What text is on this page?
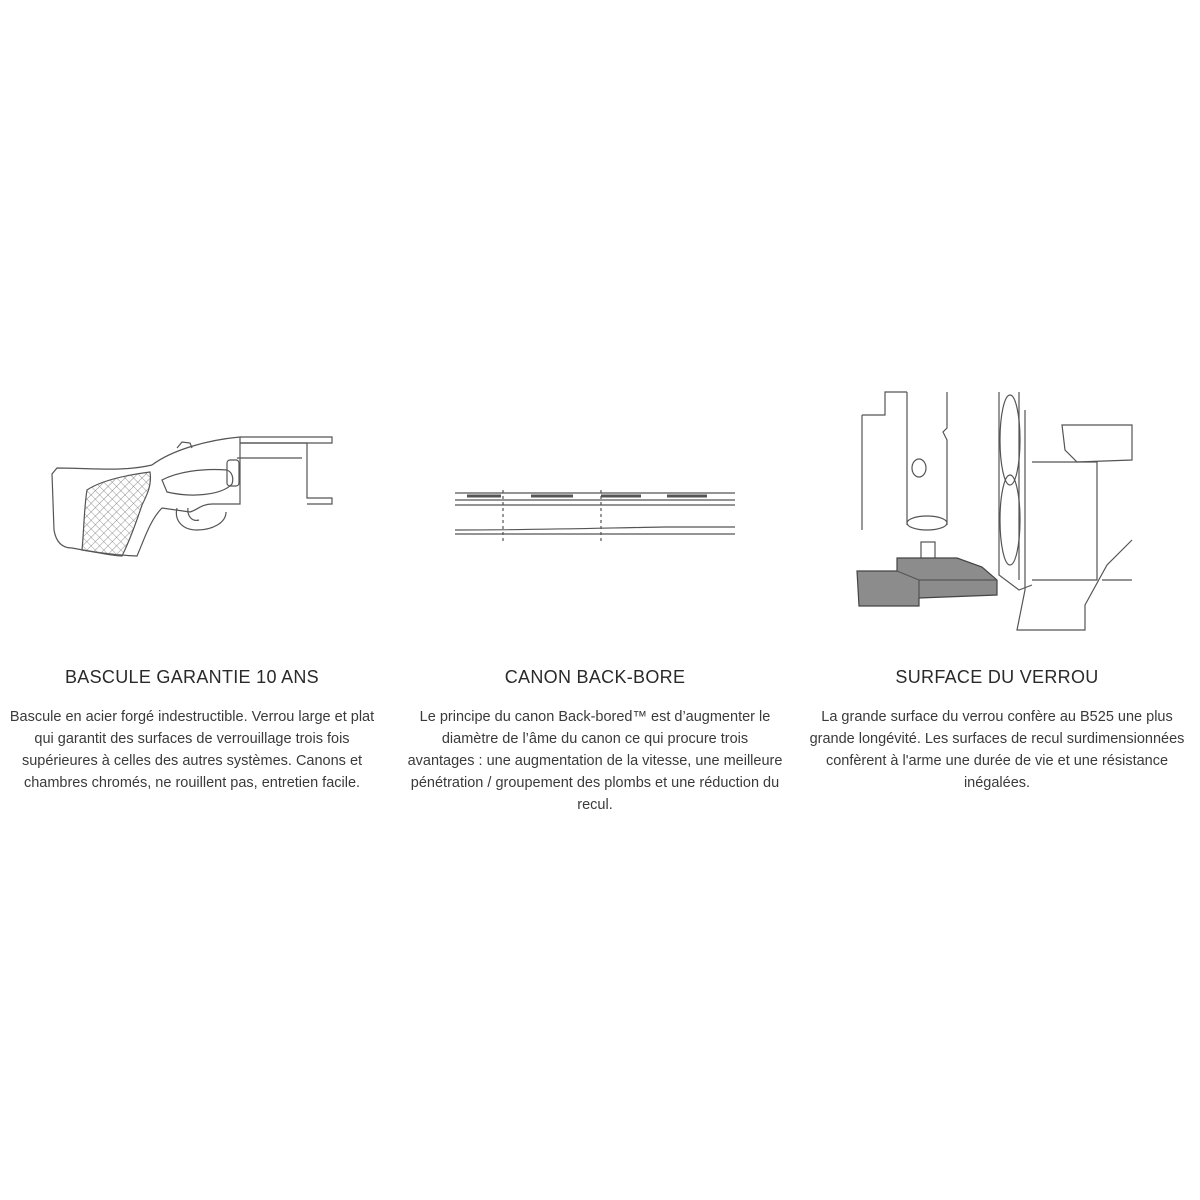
BASCULE GARANTIE 10 ANS
Bascule en acier forgé indestructible. Verrou large et plat qui garantit des surfaces de verrouillage trois fois supérieures à celles des autres systèmes. Canons et chambres chromés, ne rouillent pas, entretien facile.
CANON BACK-BORE
Le principe du canon Back-bored™ est d’augmenter le diamètre de l’âme du canon ce qui procure trois avantages : une augmentation de la vitesse, une meilleure pénétration / groupement des plombs et une réduction du recul.
SURFACE DU VERROU
La grande surface du verrou confère au B525 une plus grande longévité. Les surfaces de recul surdimensionnées confèrent à l'arme une durée de vie et une résistance inégalées.
